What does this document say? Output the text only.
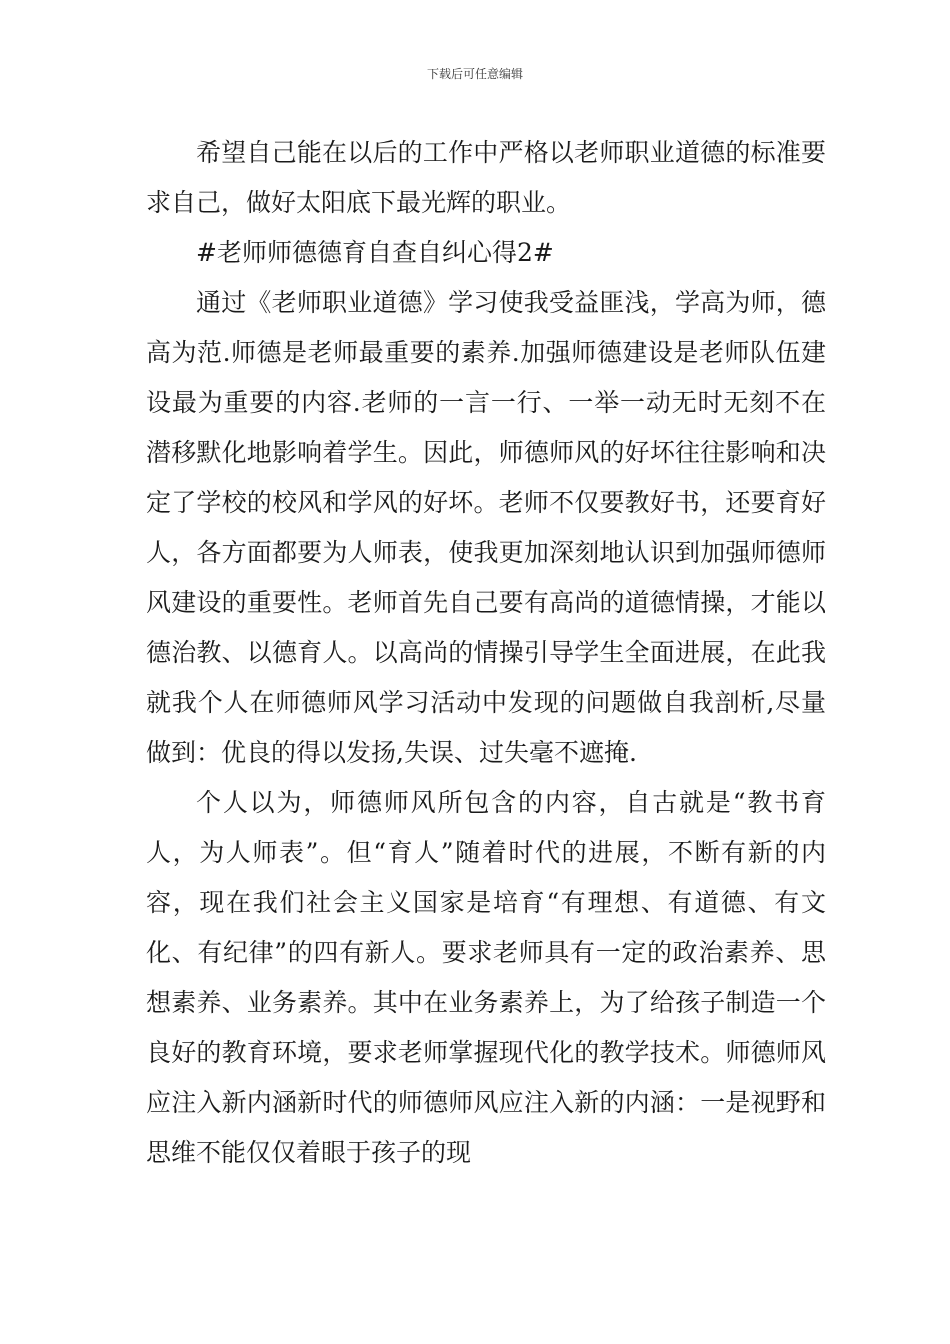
下载后可任意编辑

希望自己能在以后的工作中严格以老师职业道德的标准要求自己，做好太阳底下最光辉的职业。

#老师师德德育自查自纠心得2#

通过《老师职业道德》学习使我受益匪浅，学高为师，德高为范.师德是老师最重要的素养.加强师德建设是老师队伍建设最为重要的内容.老师的一言一行、一举一动无时无刻不在潜移默化地影响着学生。因此，师德师风的好坏往往影响和决定了学校的校风和学风的好坏。老师不仅要教好书，还要育好人，各方面都要为人师表，使我更加深刻地认识到加强师德师风建设的重要性。老师首先自己要有高尚的道德情操，才能以德治教、以德育人。以高尚的情操引导学生全面进展，在此我就我个人在师德师风学习活动中发现的问题做自我剖析,尽量做到：优良的得以发扬,失误、过失毫不遮掩.

个人以为，师德师风所包含的内容，自古就是“教书育人，为人师表”。但“育人”随着时代的进展，不断有新的内容，现在我们社会主义国家是培育“有理想、有道德、有文化、有纪律”的四有新人。要求老师具有一定的政治素养、思想素养、业务素养。其中在业务素养上，为了给孩子制造一个良好的教育环境，要求老师掌握现代化的教学技术。师德师风应注入新内涵新时代的师德师风应注入新的内涵：一是视野和思维不能仅仅着眼于孩子的现
